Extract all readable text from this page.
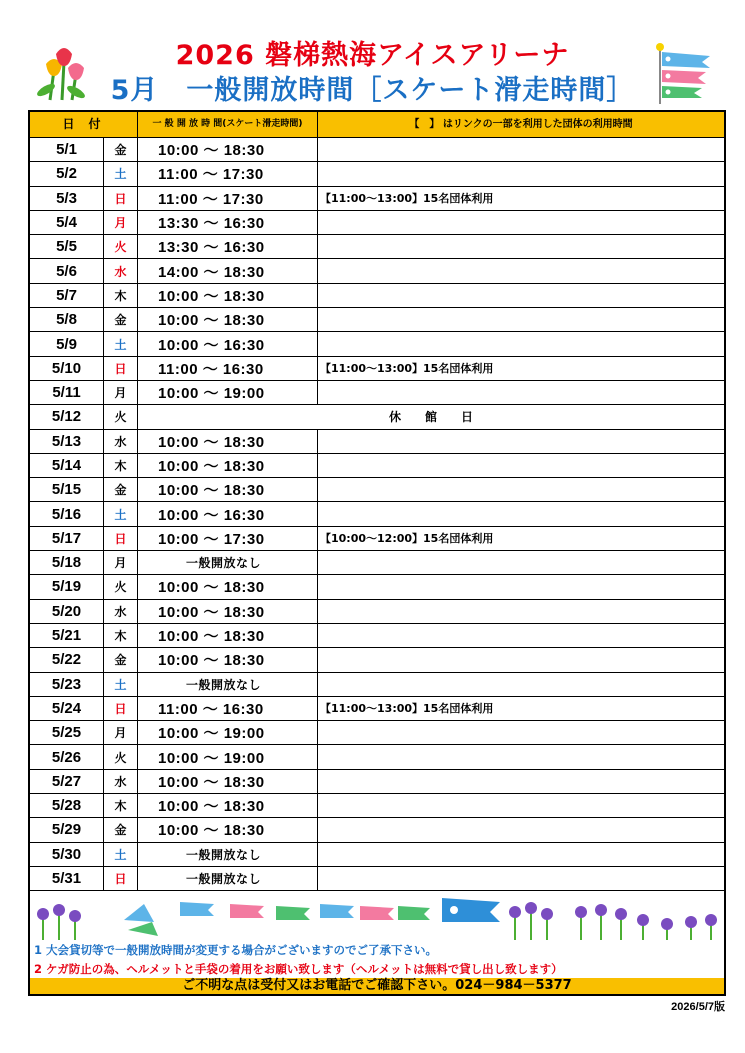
2026 磐梯熱海アイスアリーナ
5月　一般開放時間［スケート滑走時間］
日付	一 般 開 放 時 間(スケート滑走時間)	【　】 はリンクの一部を利用した団体の利用時間
5/1	金	10:00 ～ 18:30
5/2	土	11:00 ～ 17:30
5/3	日	11:00 ～ 17:30	【11:00～13:00】15名団体利用
5/4	月	13:30 ～ 16:30
5/5	火	13:30 ～ 16:30
5/6	水	14:00 ～ 18:30
5/7	木	10:00 ～ 18:30
5/8	金	10:00 ～ 18:30
5/9	土	10:00 ～ 16:30
5/10	日	11:00 ～ 16:30	【11:00～13:00】15名団体利用
5/11	月	10:00 ～ 19:00
5/12	火	休館日
5/13	水	10:00 ～ 18:30
5/14	木	10:00 ～ 18:30
5/15	金	10:00 ～ 18:30
5/16	土	10:00 ～ 16:30
5/17	日	10:00 ～ 17:30	【10:00～12:00】15名団体利用
5/18	月	一般開放なし
5/19	火	10:00 ～ 18:30
5/20	水	10:00 ～ 18:30
5/21	木	10:00 ～ 18:30
5/22	金	10:00 ～ 18:30
5/23	土	一般開放なし
5/24	日	11:00 ～ 16:30	【11:00～13:00】15名団体利用
5/25	月	10:00 ～ 19:00
5/26	火	10:00 ～ 19:00
5/27	水	10:00 ～ 18:30
5/28	木	10:00 ～ 18:30
5/29	金	10:00 ～ 18:30
5/30	土	一般開放なし
5/31	日	一般開放なし
1 大会貸切等で一般開放時間が変更する場合がございますのでご了承下さい。
2 ケガ防止の為、ヘルメットと手袋の着用をお願い致します（ヘルメットは無料で貸し出し致します）
ご不明な点は受付又はお電話でご確認下さい。024－984－5377
2026/5/7版
